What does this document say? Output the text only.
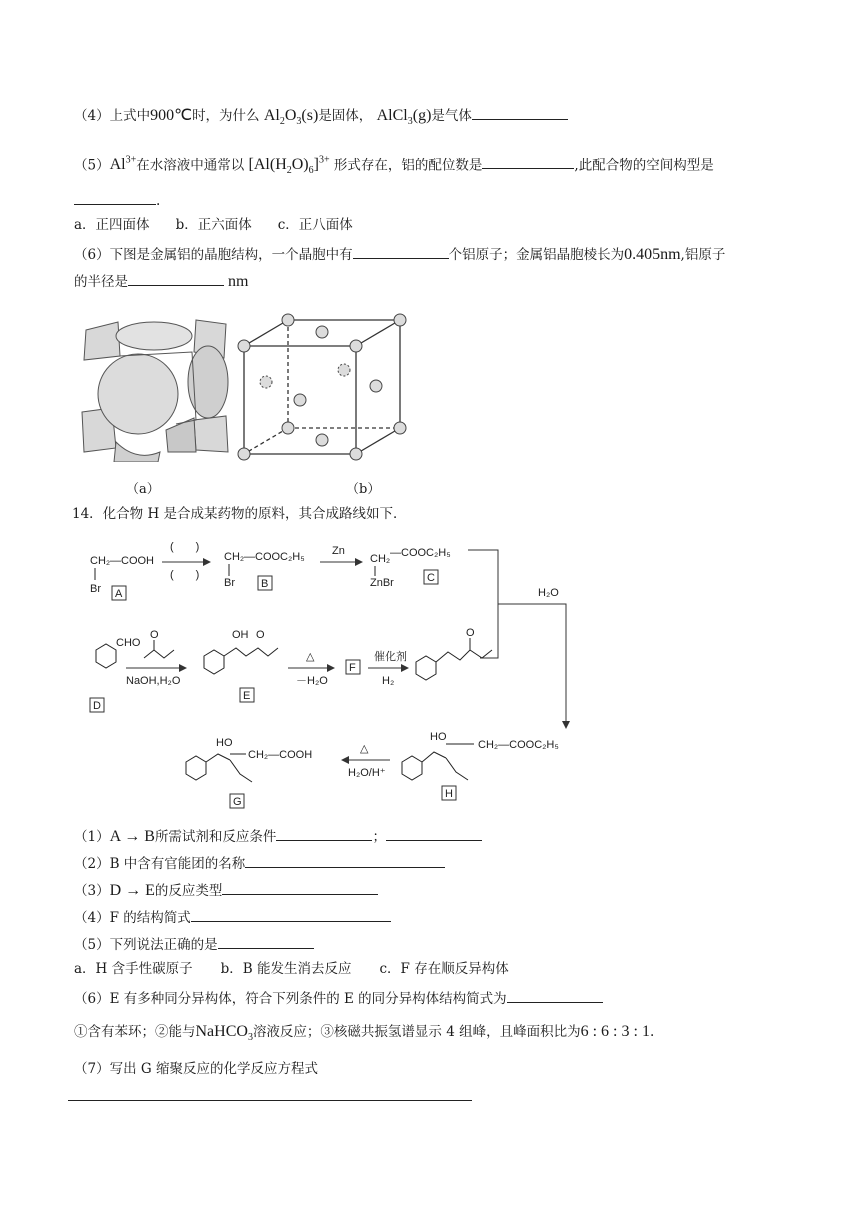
（4）上式中900℃时，为什么 $Al_2O_3(s)$是固体， AlCl$_3$(g)是气体
$(5)Al^{3+}$在水溶液中通常以 $[Al(H_2O)_6]^{3+}$ 形式存在，铝的配位数是	,此配合物的空间构型是
.
a．正四面体 b．正六面体 c．正八面体
（6）下图是金属铝的晶胞结构，一个晶胞中有	个铝原子；金属铝晶胞棱长为0.405nm,铝原子
的半径是	nm
（a）	（b）
14．化合物 H 是合成某药物的原料，其合成路线如下．
CH₂ —COOH
Br A
(　　)
(　　)
CH₂ —COOC₂H₅
Br B
Zn
CH₂ —COOC₂H₅
ZnBr	C
H₂O
CHO
D
O
NaOH,H₂O
OH O
E
△
－H₂O
F
催化剂
H₂
O
HO
CH₂—COOH
G
△
H₂O/H⁺
HO
CH₂—COOC₂H₅
H
（1）A → B所需试剂和反应条件	；
（2）B 中含有官能团的名称
（3）D → E的反应类型
（4）F 的结构简式
（5）下列说法正确的是
a．H 含手性碳原子 b．B 能发生消去反应 c．F 存在顺反异构体
（6）E 有多种同分异构体，符合下列条件的 E 的同分异构体结构简式为
①含有苯环；②能与NaHCO$_3$溶液反应；③核磁共振氢谱显示 4 组峰，且峰面积比为6 : 6 : 3 : 1.
（7）写出 G 缩聚反应的化学反应方程式
